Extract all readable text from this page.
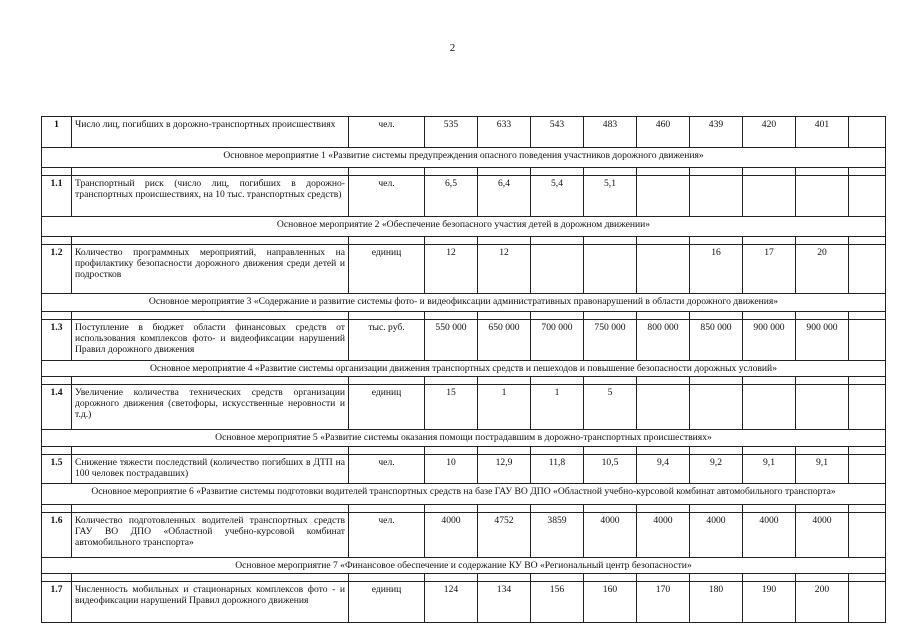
2
1	Число лиц, погибших в дорожно-транспортных происшествиях	чел.	535	633	543	483	460	439	420	401	
Основное мероприятие 1 «Развитие системы предупреждения опасного поведения участников дорожного движения»											

1.1	Транспортный риск (число лиц, погибших в дорожно-транспортных происшествиях, на 10 тыс. транспортных средств)	чел.	6,5	6,4	5,4	5,1					
Основное мероприятие 2 «Обеспечение безопасного участия детей в дорожном движении»											

1.2	Количество программных мероприятий, направленных на профилактику безопасности дорожного движения среди детей и подростков	единиц	12	12				16	17	20	
Основное мероприятие 3 «Содержание и развитие системы фото- и видеофиксации административных правонарушений в области дорожного движения»											

1.3	Поступление в бюджет области финансовых средств от использования комплексов фото- и видеофиксации нарушений Правил дорожного движения	тыс. руб.	550 000	650 000	700 000	750 000	800 000	850 000	900 000	900 000	
Основное мероприятие 4 «Развитие системы организации движения транспортных средств и пешеходов и повышение безопасности дорожных условий»											

1.4	Увеличение количества технических средств организации дорожного движения (светофоры, искусственные неровности и т.д.)	единиц	15	1	1	5					
Основное мероприятие 5 «Развитие системы оказания помощи пострадавшим в дорожно-транспортных происшествиях»											

1.5	Снижение тяжести последствий (количество погибших в ДТП на 100 человек пострадавших)	чел.	10	12,9	11,8	10,5	9,4	9,2	9,1	9,1	
Основное мероприятие 6 «Развитие системы подготовки водителей транспортных средств на базе ГАУ ВО ДПО «Областной учебно-курсовой комбинат автомобильного транспорта»											

1.6	Количество подготовленных водителей транспортных средств ГАУ ВО ДПО «Областной учебно-курсовой комбинат автомобильного транспорта»	чел.	4000	4752	3859	4000	4000	4000	4000	4000	
Основное мероприятие 7 «Финансовое обеспечение и содержание КУ ВО «Региональный центр безопасности»											

1.7	Численность мобильных и стационарных комплексов фото - и видеофиксации нарушений Правил дорожного движения	единиц	124	134	156	160	170	180	190	200	
